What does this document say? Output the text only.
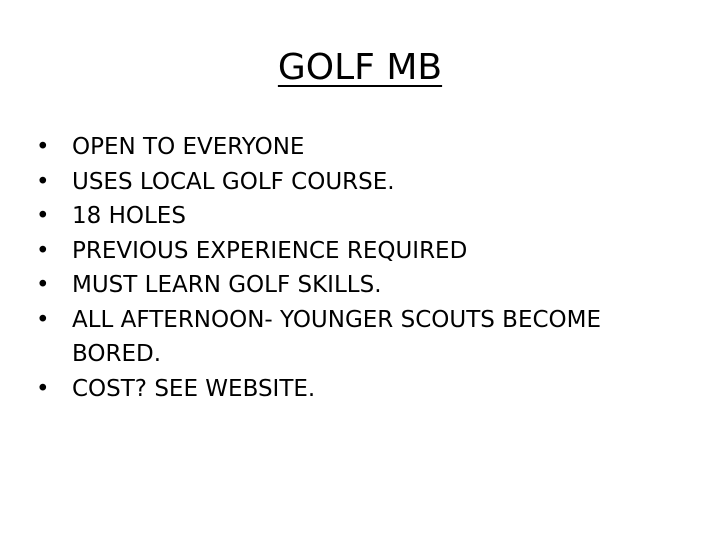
GOLF MB
• OPEN TO EVERYONE
• USES LOCAL GOLF COURSE.
• 18 HOLES
• PREVIOUS EXPERIENCE REQUIRED
• MUST LEARN GOLF SKILLS.
• ALL AFTERNOON- YOUNGER SCOUTS BECOME BORED.
• COST? SEE WEBSITE.
